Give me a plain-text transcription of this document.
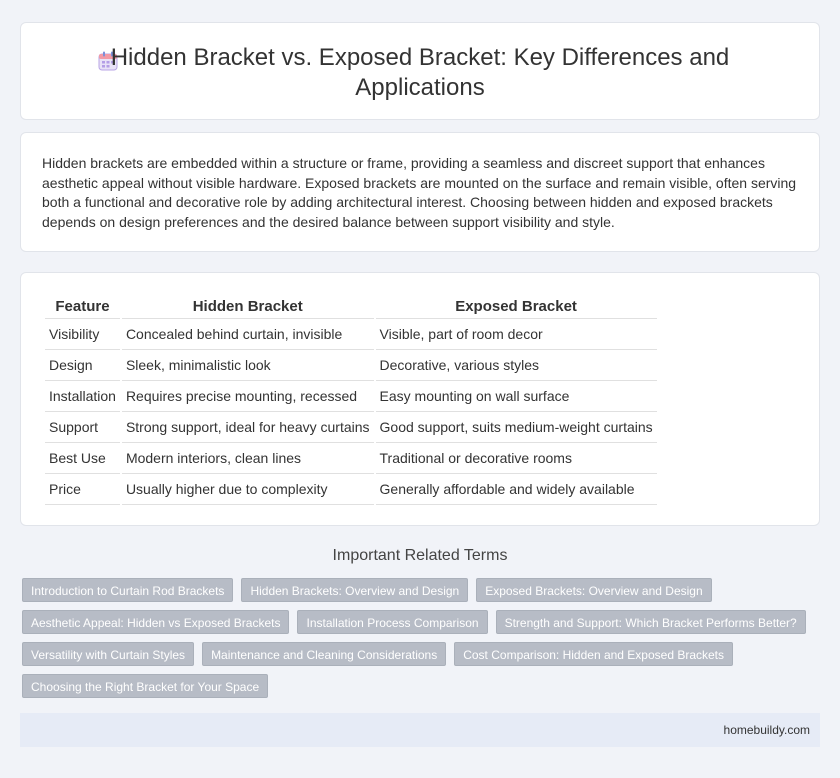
Hidden Bracket vs. Exposed Bracket: Key Differences and Applications

Hidden brackets are embedded within a structure or frame, providing a seamless and discreet support that enhances aesthetic appeal without visible hardware. Exposed brackets are mounted on the surface and remain visible, often serving both a functional and decorative role by adding architectural interest. Choosing between hidden and exposed brackets depends on design preferences and the desired balance between support visibility and style.

Feature	Hidden Bracket	Exposed Bracket
Visibility	Concealed behind curtain, invisible	Visible, part of room decor
Design	Sleek, minimalistic look	Decorative, various styles
Installation	Requires precise mounting, recessed	Easy mounting on wall surface
Support	Strong support, ideal for heavy curtains	Good support, suits medium-weight curtains
Best Use	Modern interiors, clean lines	Traditional or decorative rooms
Price	Usually higher due to complexity	Generally affordable and widely available
Important Related Terms
Introduction to Curtain Rod Brackets	Hidden Brackets: Overview and Design	Exposed Brackets: Overview and Design
Aesthetic Appeal: Hidden vs Exposed Brackets	Installation Process Comparison	Strength and Support: Which Bracket Performs Better?
Versatility with Curtain Styles	Maintenance and Cleaning Considerations	Cost Comparison: Hidden and Exposed Brackets
Choosing the Right Bracket for Your Space
homebuildy.com
